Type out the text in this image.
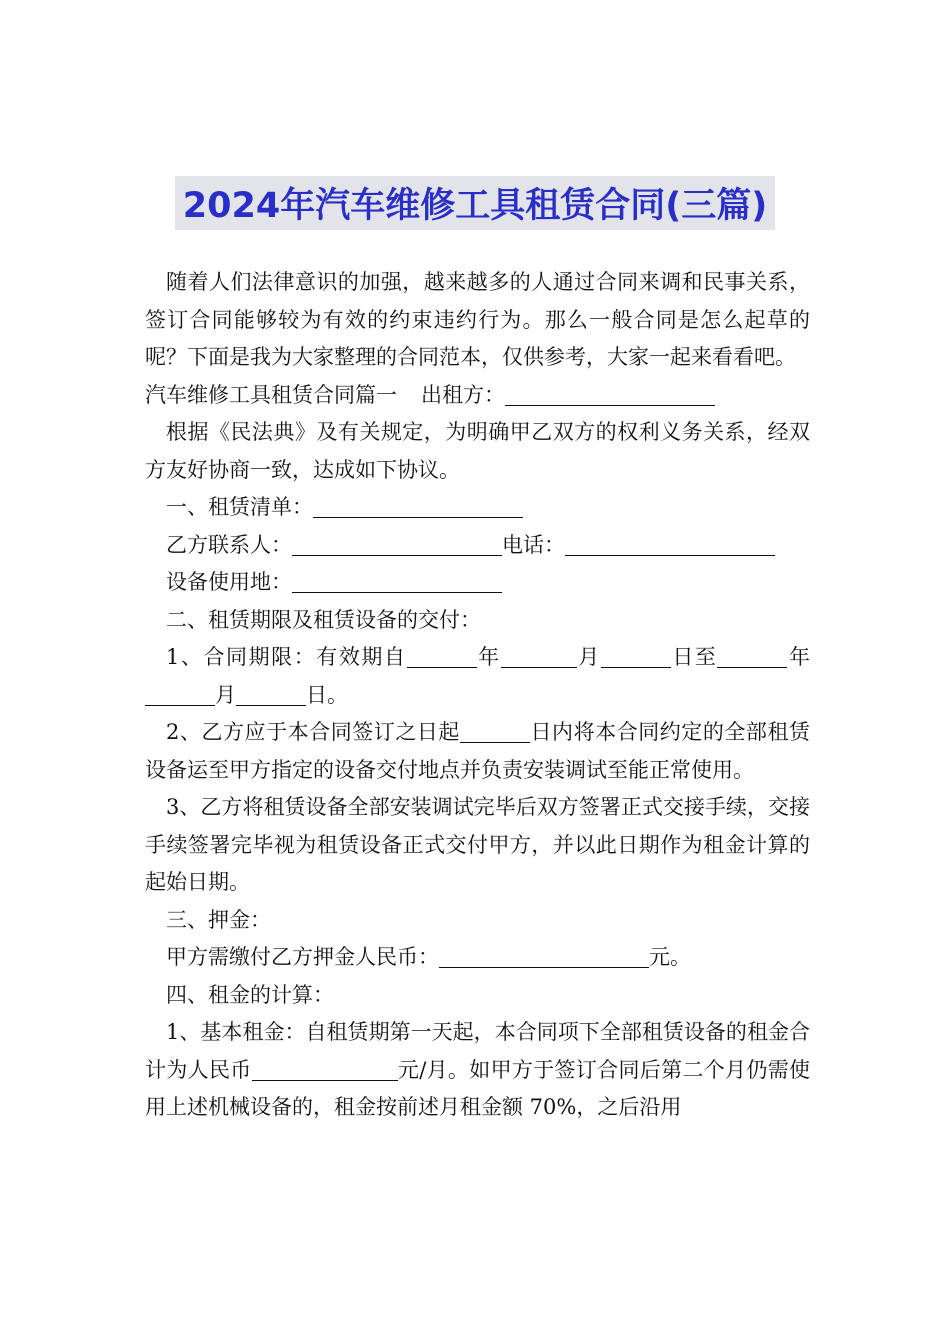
2024年汽车维修工具租赁合同(三篇)

随着人们法律意识的加强，越来越多的人通过合同来调和民事关系，签订合同能够较为有效的约束违约行为。那么一般合同是怎么起草的呢？下面是我为大家整理的合同范本，仅供参考，大家一起来看看吧。

汽车维修工具租赁合同篇一 出租方：

根据《民法典》及有关规定，为明确甲乙双方的权利义务关系，经双方友好协商一致，达成如下协议。

一、租赁清单：

乙方联系人：	电话：

设备使用地：

二、租赁期限及租赁设备的交付：

1、合同期限：有效期自	年	月	日至	年月	日。

2、乙方应于本合同签订之日起	日内将本合同约定的全部租赁设备运至甲方指定的设备交付地点并负责安装调试至能正常使用。

3、乙方将租赁设备全部安装调试完毕后双方签署正式交接手续，交接手续签署完毕视为租赁设备正式交付甲方，并以此日期作为租金计算的起始日期。

三、押金：

甲方需缴付乙方押金人民币：	元。

四、租金的计算：

1、基本租金：自租赁期第一天起，本合同项下全部租赁设备的租金合计为人民币	元/月。如甲方于签订合同后第二个月仍需使用上述机械设备的，租金按前述月租金额 70%，之后沿用
